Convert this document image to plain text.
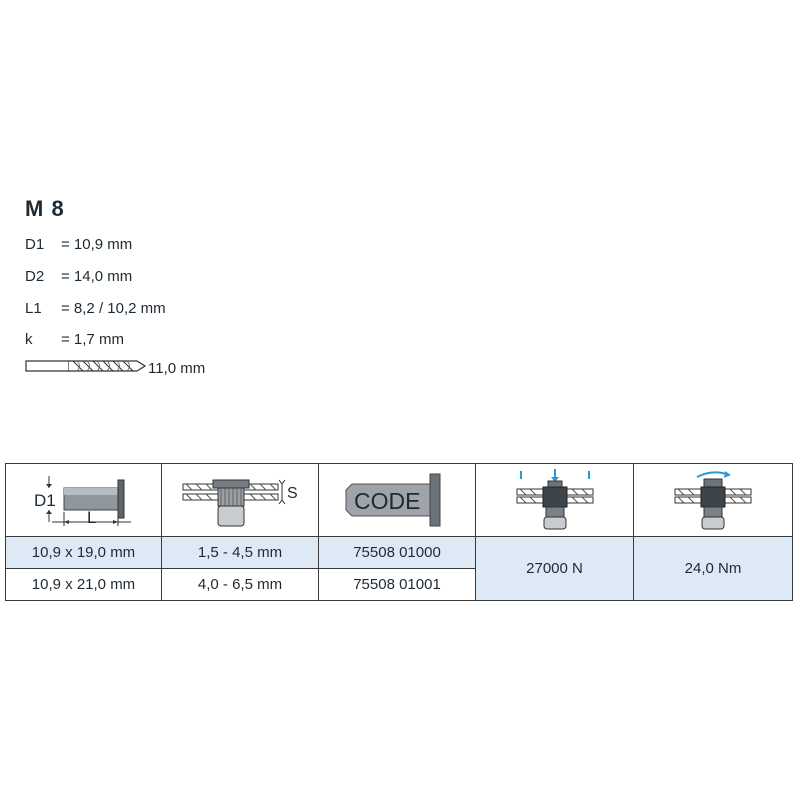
M 8
D1 = 10,9 mm
D2 = 14,0 mm
L1 = 8,2 / 10,2 mm
k = 1,7 mm
11,0 mm
D1
L	S	CODE

10,9 x 19,0 mm	1,5 - 4,5 mm	75508 01000	27000 N	24,0 Nm
10,9 x 21,0 mm	4,0 - 6,5 mm	75508 01001		
